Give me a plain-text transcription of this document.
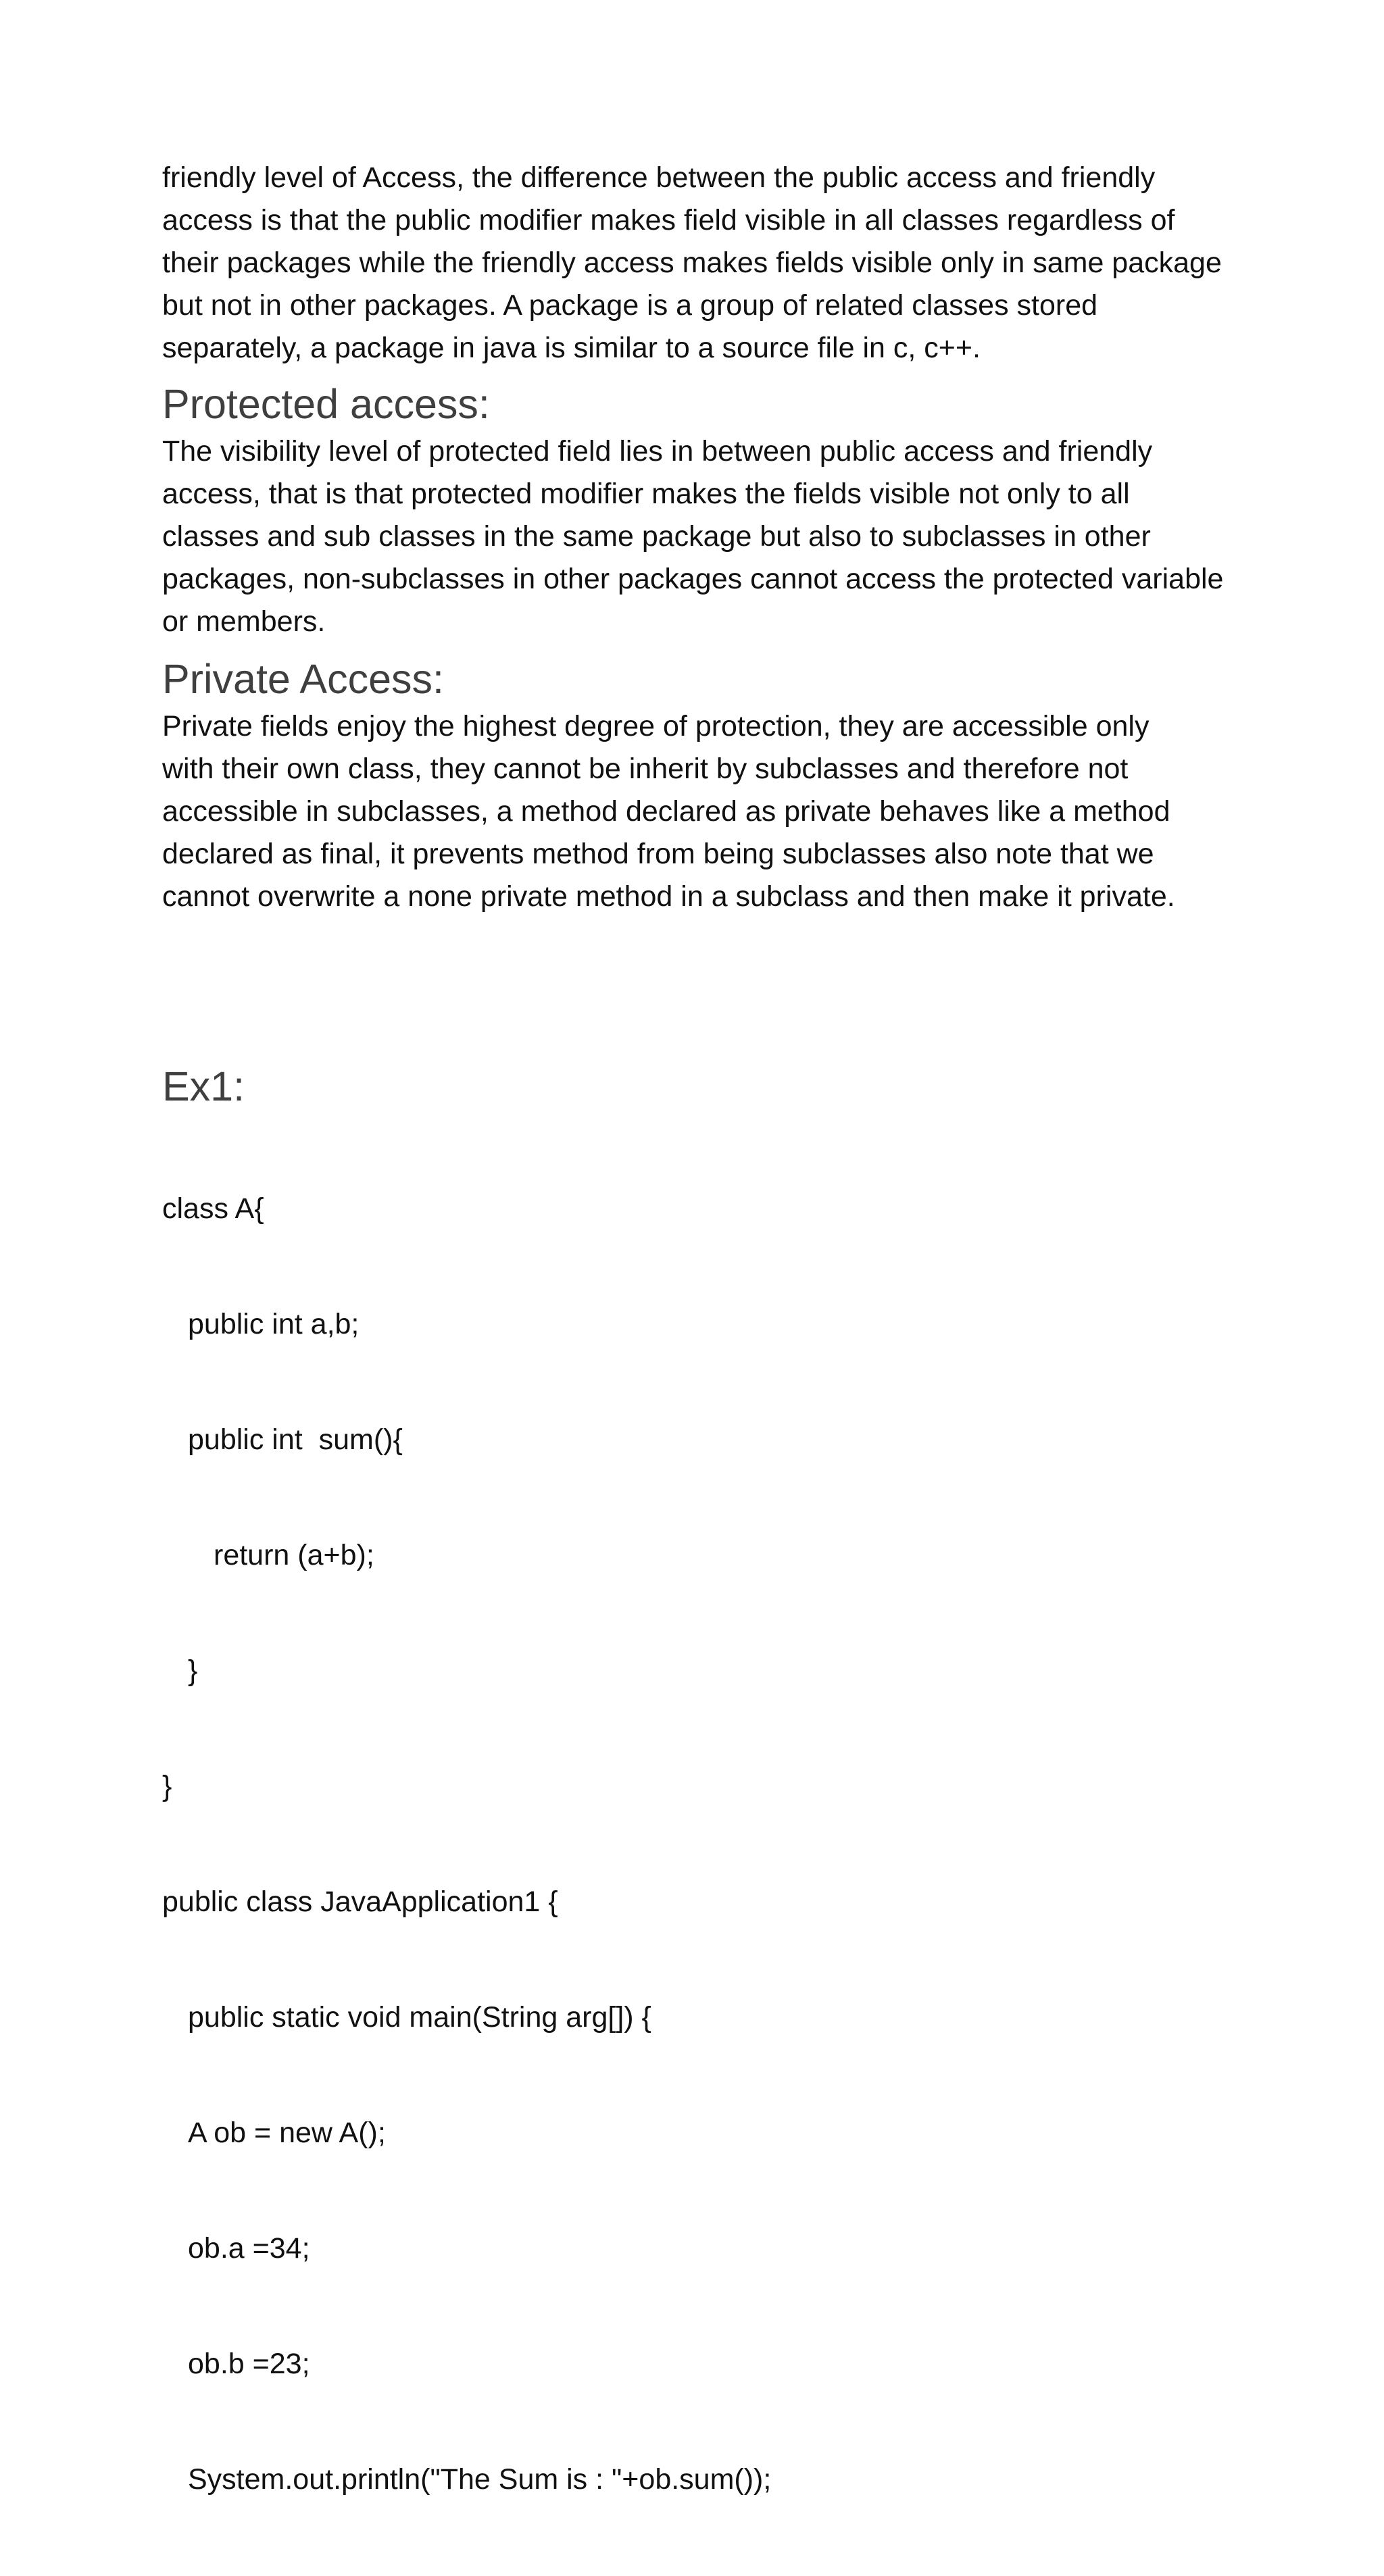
friendly level of Access, the difference between the public access and friendly
access is that the public modifier makes field visible in all classes regardless of
their packages while the friendly access makes fields visible only in same package
but not in other packages. A package is a group of related classes stored
separately, a package in java is similar to a source file in c, c++.

Protected access:

The visibility level of protected field lies in between public access and friendly
access, that is that protected modifier makes the fields visible not only to all
classes and sub classes in the same package but also to subclasses in other
packages, non-subclasses in other packages cannot access the protected variable
or members.

Private Access:

Private fields enjoy the highest degree of protection, they are accessible only
with their own class, they cannot be inherit by subclasses and therefore not
accessible in subclasses, a method declared as private behaves like a method
declared as final, it prevents method from being subclasses also note that we
cannot overwrite a none private method in a subclass and then make it private.

Ex1:

class A{

public int a,b;

public int  sum(){

return (a+b);

}

}

public class JavaApplication1 {

public static void main(String arg[]) {

A ob = new A();

ob.a =34;

ob.b =23;

System.out.println("The Sum is : "+ob.sum());
